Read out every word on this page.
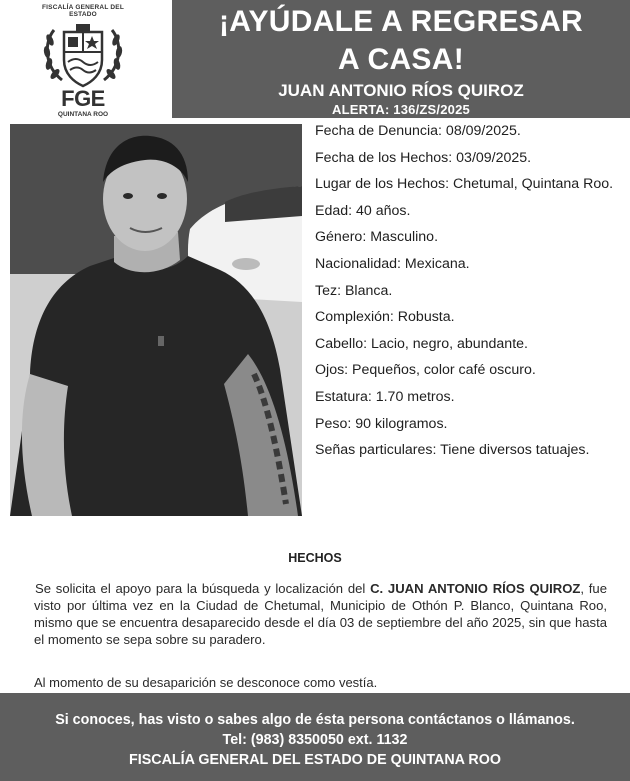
FISCALÍA GENERAL DEL ESTADO
FGE
QUINTANA ROO
¡AYÚDALE A REGRESAR
A CASA!
JUAN ANTONIO RÍOS QUIROZ
ALERTA: 136/ZS/2025
Fecha de Denuncia: 08/09/2025.
Fecha de los Hechos: 03/09/2025.
Lugar de los Hechos: Chetumal, Quintana Roo.
Edad: 40 años.
Género: Masculino.
Nacionalidad: Mexicana.
Tez: Blanca.
Complexión: Robusta.
Cabello: Lacio, negro, abundante.
Ojos: Pequeños, color café oscuro.
Estatura: 1.70 metros.
Peso: 90 kilogramos.
Señas particulares: Tiene diversos tatuajes.
HECHOS
Se solicita el apoyo para la búsqueda y localización del C. JUAN ANTONIO RÍOS QUIROZ, fue visto por última vez en la Ciudad de Chetumal, Municipio de Othón P. Blanco, Quintana Roo, mismo que se encuentra desaparecido desde el día 03 de septiembre del año 2025, sin que hasta el momento se sepa sobre su paradero.
Al momento de su desaparición se desconoce como vestía.
Si conoces, has visto o sabes algo de ésta persona contáctanos o llámanos.
Tel: (983) 8350050 ext. 1132
FISCALÍA GENERAL DEL ESTADO DE QUINTANA ROO
